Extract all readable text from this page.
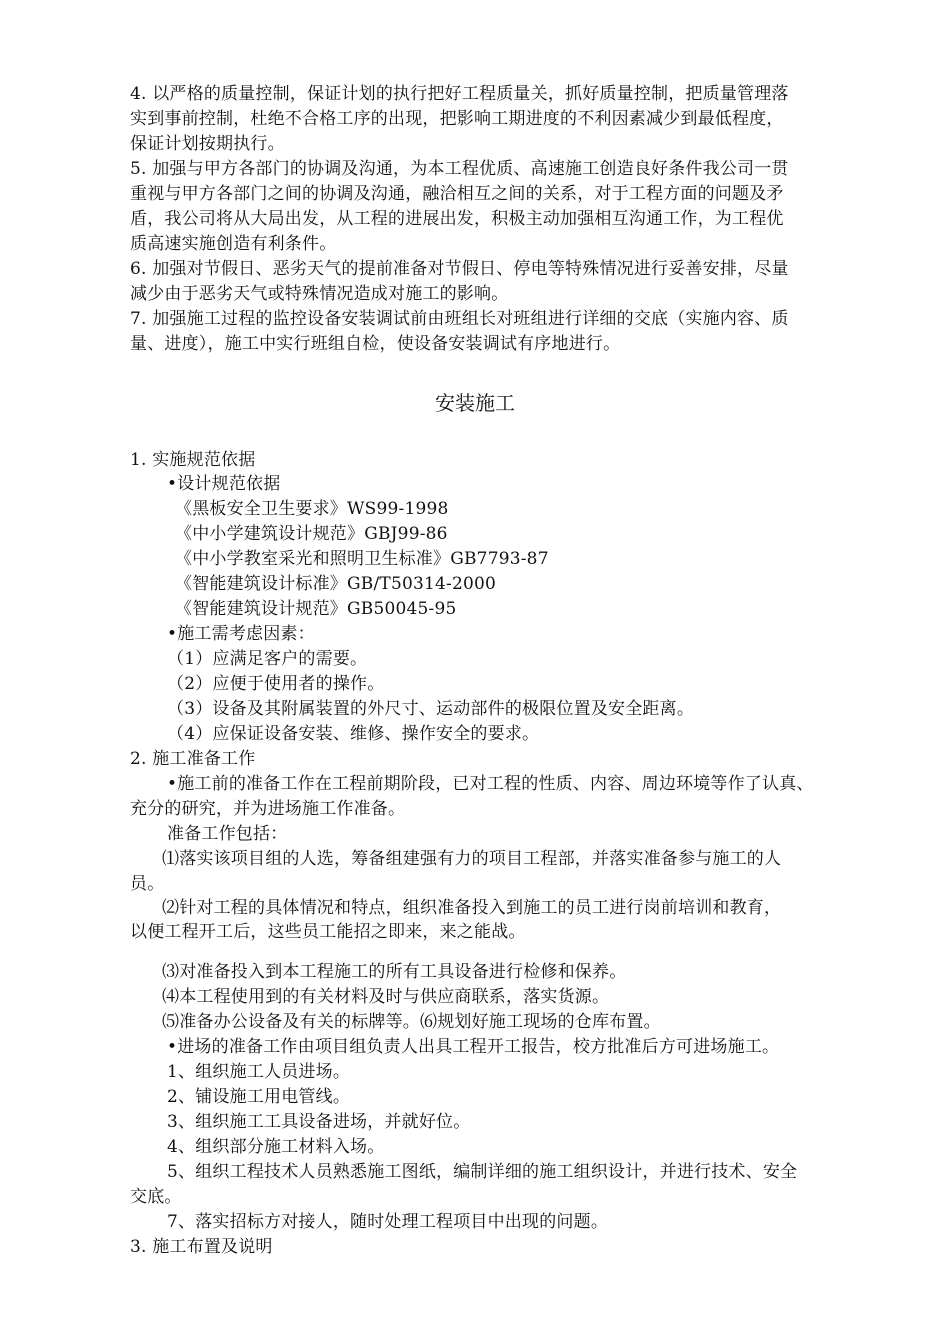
4. 以严格的质量控制，保证计划的执行把好工程质量关，抓好质量控制，把质量管理落
实到事前控制，杜绝不合格工序的出现，把影响工期进度的不利因素减少到最低程度，
保证计划按期执行。
5. 加强与甲方各部门的协调及沟通，为本工程优质、高速施工创造良好条件我公司一贯
重视与甲方各部门之间的协调及沟通，融洽相互之间的关系，对于工程方面的问题及矛
盾，我公司将从大局出发，从工程的进展出发，积极主动加强相互沟通工作，为工程优
质高速实施创造有利条件。
6. 加强对节假日、恶劣天气的提前准备对节假日、停电等特殊情况进行妥善安排，尽量
减少由于恶劣天气或特殊情况造成对施工的影响。
7. 加强施工过程的监控设备安装调试前由班组长对班组进行详细的交底（实施内容、质
量、进度），施工中实行班组自检，使设备安装调试有序地进行。
安装施工
1. 实施规范依据
•设计规范依据
《黑板安全卫生要求》WS99-1998
《中小学建筑设计规范》GBJ99-86
《中小学教室采光和照明卫生标准》GB7793-87
《智能建筑设计标准》GB/T50314-2000
《智能建筑设计规范》GB50045-95
•施工需考虑因素：
（1）应满足客户的需要。
（2）应便于使用者的操作。
（3）设备及其附属装置的外尺寸、运动部件的极限位置及安全距离。
（4）应保证设备安装、维修、操作安全的要求。
2. 施工准备工作
•施工前的准备工作在工程前期阶段，已对工程的性质、内容、周边环境等作了认真、
充分的研究，并为进场施工作准备。
准备工作包括：
⑴落实该项目组的人选，筹备组建强有力的项目工程部，并落实准备参与施工的人
员。
⑵针对工程的具体情况和特点，组织准备投入到施工的员工进行岗前培训和教育，
以便工程开工后，这些员工能招之即来，来之能战。
⑶对准备投入到本工程施工的所有工具设备进行检修和保养。
⑷本工程使用到的有关材料及时与供应商联系，落实货源。
⑸准备办公设备及有关的标牌等。⑹规划好施工现场的仓库布置。
•进场的准备工作由项目组负责人出具工程开工报告，校方批准后方可进场施工。
1、组织施工人员进场。
2、铺设施工用电管线。
3、组织施工工具设备进场，并就好位。
4、组织部分施工材料入场。
5、组织工程技术人员熟悉施工图纸，编制详细的施工组织设计，并进行技术、安全
交底。
7、落实招标方对接人，随时处理工程项目中出现的问题。
3. 施工布置及说明
